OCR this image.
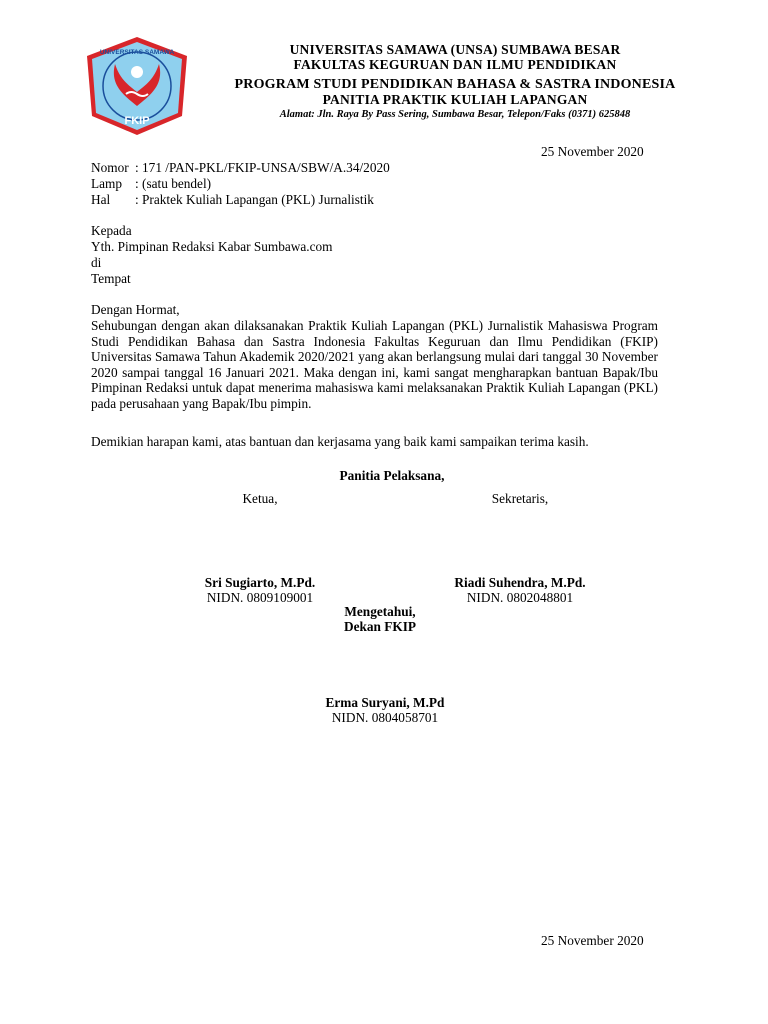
FKIP
UNIVERSITAS SAMAWA	UNIVERSITAS SAMAWA (UNSA) SUMBAWA BESAR
FAKULTAS KEGURUAN DAN ILMU PENDIDIKAN
PROGRAM STUDI PENDIDIKAN BAHASA & SASTRA INDONESIA
PANITIA PRAKTIK KULIAH LAPANGAN
Alamat: Jln. Raya By Pass Sering, Sumbawa Besar, Telepon/Faks (0371) 625848
25 November 2020
Nomor : 171 /PAN-PKL/FKIP-UNSA/SBW/A.34/2020
Lamp : (satu bendel)
Hal : Praktek Kuliah Lapangan (PKL) Jurnalistik
Kepada
Yth. Pimpinan Redaksi Kabar Sumbawa.com
di
Tempat
Dengan Hormat,
Sehubungan dengan akan dilaksanakan Praktik Kuliah Lapangan (PKL) Jurnalistik Mahasiswa Program Studi Pendidikan Bahasa dan Sastra Indonesia Fakultas Keguruan dan Ilmu Pendidikan (FKIP) Universitas Samawa Tahun Akademik 2020/2021 yang akan berlangsung mulai dari tanggal 30 November 2020 sampai tanggal 16 Januari 2021. Maka dengan ini, kami sangat mengharapkan bantuan Bapak/Ibu Pimpinan Redaksi untuk dapat menerima mahasiswa kami melaksanakan Praktik Kuliah Lapangan (PKL) pada perusahaan yang Bapak/Ibu pimpin.
Demikian harapan kami, atas bantuan dan kerjasama yang baik kami sampaikan terima kasih.
Panitia Pelaksana,
Ketua,	Sekretaris,
Sri Sugiarto, M.Pd.
NIDN. 0809109001
Riadi Suhendra, M.Pd.
NIDN. 0802048801
Mengetahui,
Dekan FKIP
Erma Suryani, M.Pd
NIDN. 0804058701
25 November 2020
